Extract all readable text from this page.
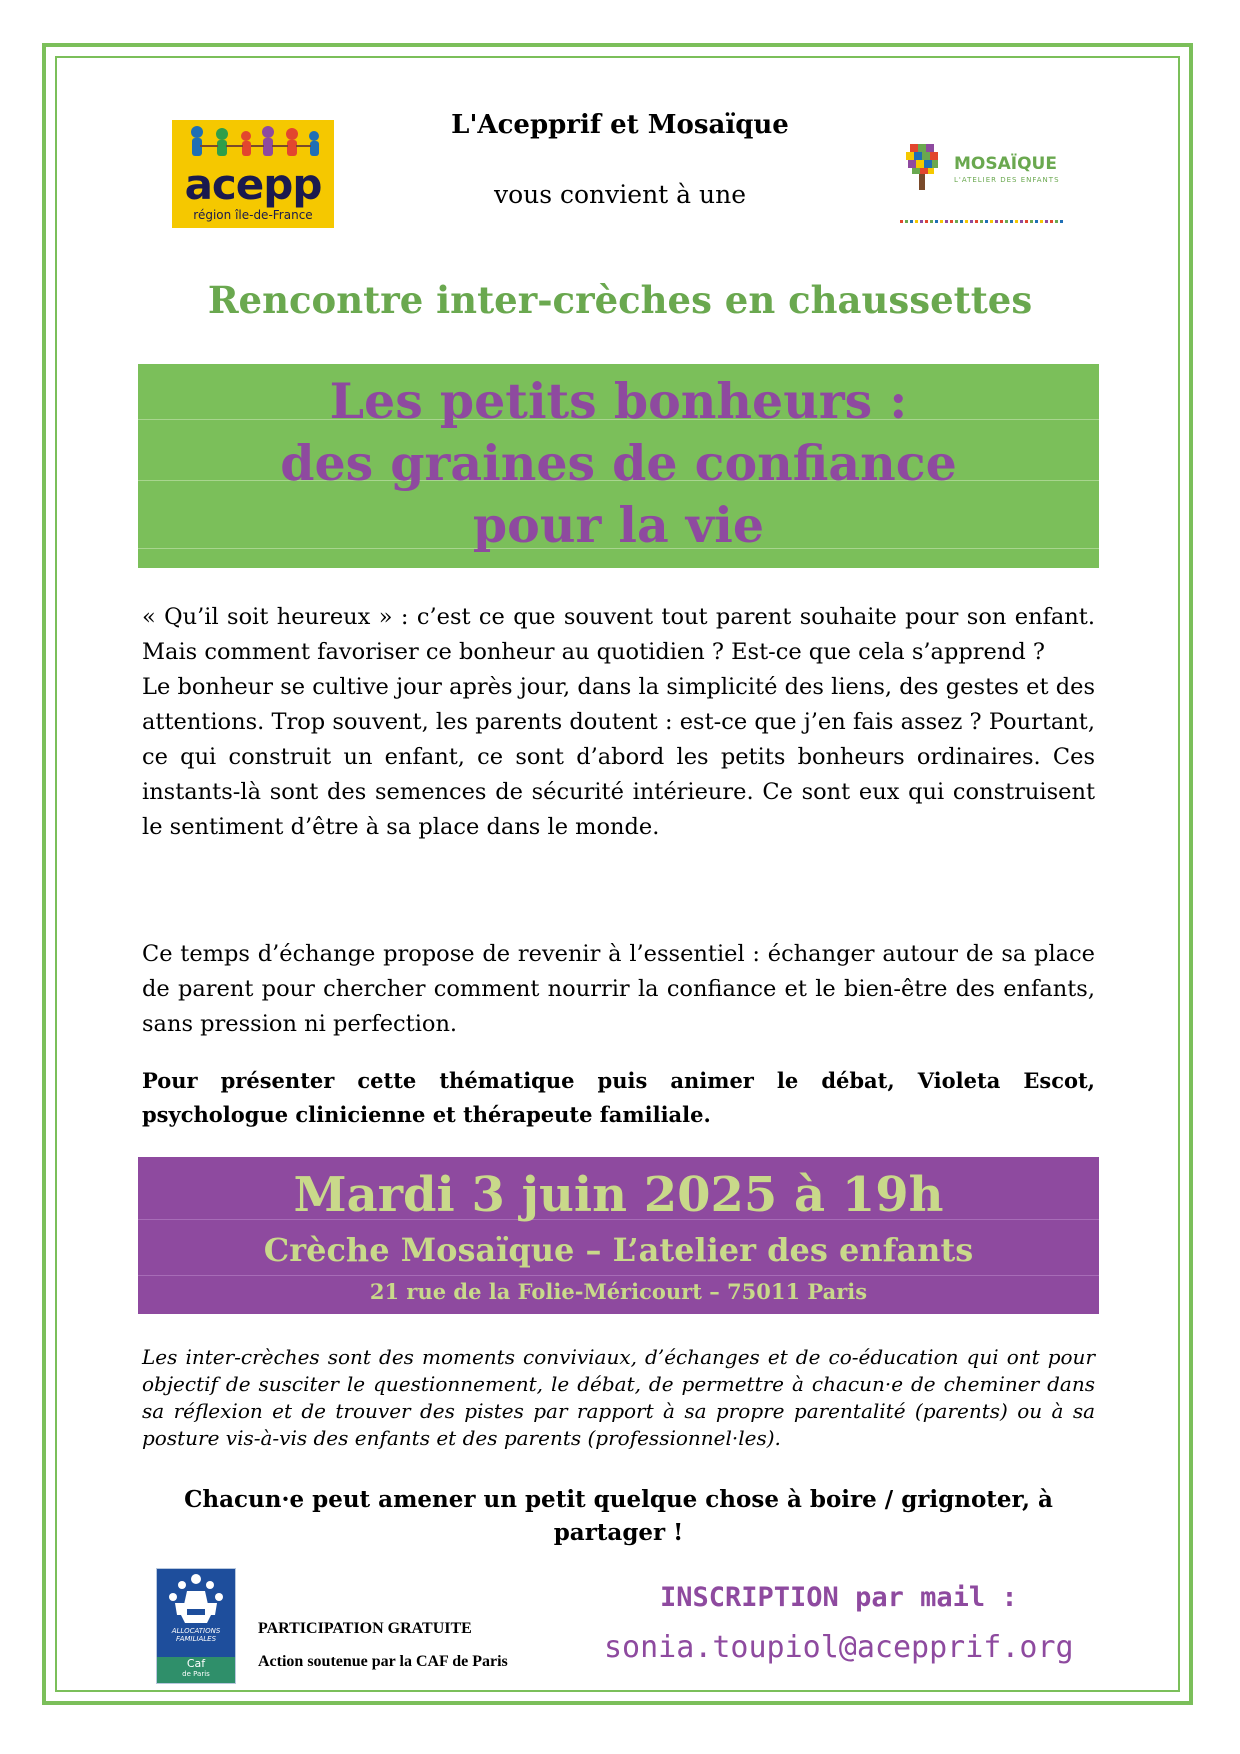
acepp
région île-de-France
L'Acepprif et Mosaïque
vous convient à une
MOSAÏQUE
L'ATELIER DES ENFANTS
Rencontre inter-crèches en chaussettes
Les petits bonheurs :
des graines de confiance
pour la vie

« Qu’il soit heureux » : c’est ce que souvent tout parent souhaite pour son enfant. Mais comment favoriser ce bonheur au quotidien ? Est-ce que cela s’apprend ?

Le bonheur se cultive jour après jour, dans la simplicité des liens, des gestes et des attentions. Trop souvent, les parents doutent : est-ce que j’en fais assez ? Pourtant, ce qui construit un enfant, ce sont d’abord les petits bonheurs ordinaires. Ces instants-là sont des semences de sécurité intérieure. Ce sont eux qui construisent le sentiment d’être à sa place dans le monde.

Ce temps d’échange propose de revenir à l’essentiel : échanger autour de sa place de parent pour chercher comment nourrir la confiance et le bien-être des enfants, sans pression ni perfection.

Pour présenter cette thématique puis animer le débat, Violeta Escot, psychologue clinicienne et thérapeute familiale.
Mardi 3 juin 2025 à 19h
Crèche Mosaïque – L’atelier des enfants
21 rue de la Folie-Méricourt – 75011 Paris
Les inter-crèches sont des moments conviviaux, d’échanges et de co-éducation qui ont pour objectif de susciter le questionnement, le débat, de permettre à chacun·e de cheminer dans sa réflexion et de trouver des pistes par rapport à sa propre parentalité (parents) ou à sa posture vis-à-vis des enfants et des parents (professionnel·les).
Chacun·e peut amener un petit quelque chose à boire / grignoter, à partager !
ALLOCATIONS
FAMILIALES
Caf
de Paris
PARTICIPATION GRATUITE
Action soutenue par la CAF de Paris
INSCRIPTION par mail :
sonia.toupiol@acepprif.org
